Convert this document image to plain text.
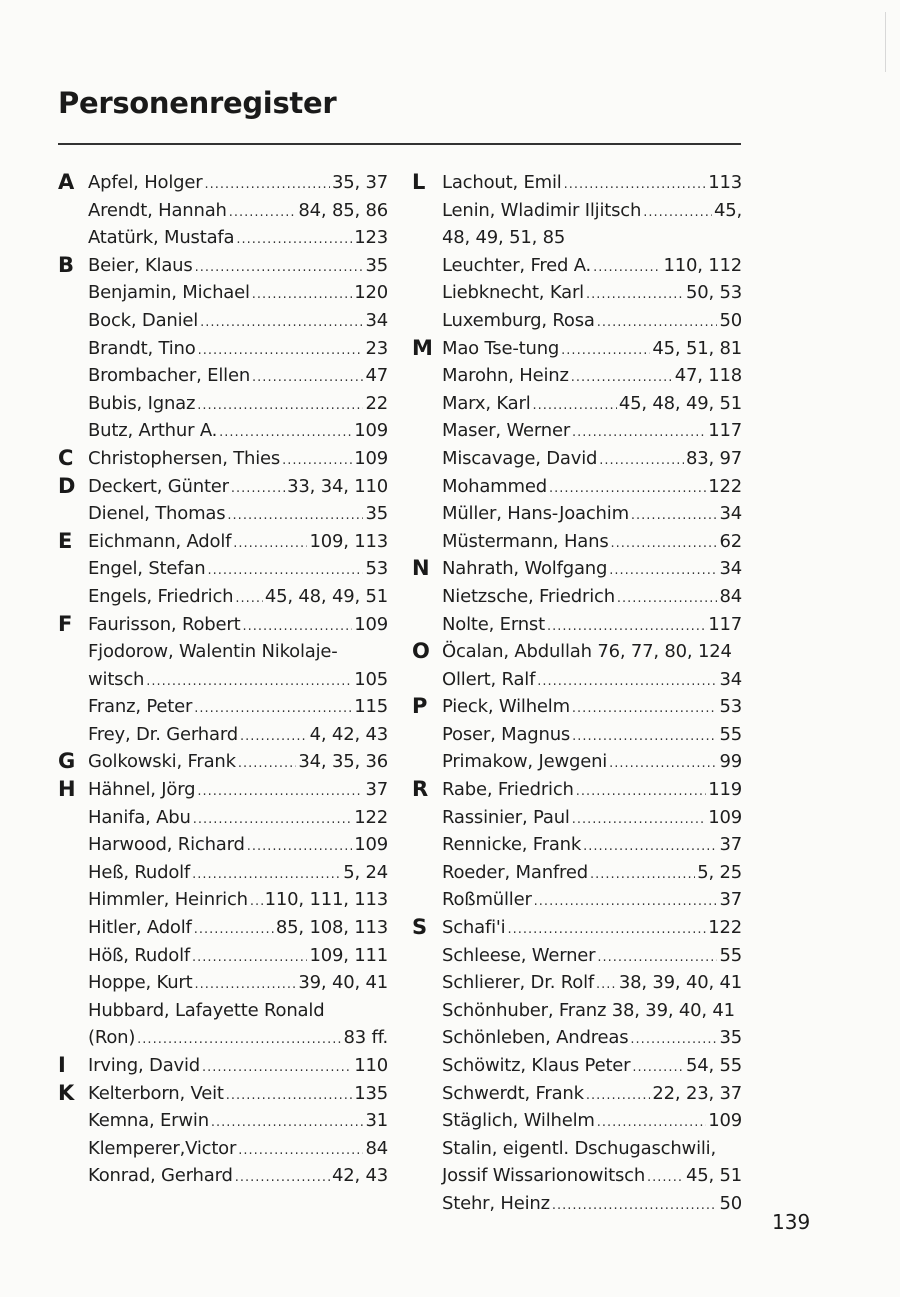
Personenregister
A Apfel, Holger .....	35, 37
Arendt, Hannah .....	84, 85, 86
Atatürk, Mustafa .....	123
B Beier, Klaus .....	35
Benjamin, Michael .....	120
Bock, Daniel .....	34
Brandt, Tino .....	23
Brombacher, Ellen .....	47
Bubis, Ignaz .....	22
Butz, Arthur A. .....	109
C Christophersen, Thies .....	109
D Deckert, Günter .....	33, 34, 110
Dienel, Thomas .....	35
E Eichmann, Adolf .....	109, 113
Engel, Stefan .....	53
Engels, Friedrich ..... 45, 48, 49, 51
F Faurisson, Robert .....	109
Fjodorow, Walentin Nikolaje-
witsch .....	105
Franz, Peter .....	115
Frey, Dr. Gerhard .....	4, 42, 43
G Golkowski, Frank .....	34, 35, 36
H Hähnel, Jörg .....	37
Hanifa, Abu .....	122
Harwood, Richard .....	109
Heß, Rudolf .....	5, 24
Himmler, Heinrich ..... 110, 111, 113
Hitler, Adolf .....	85, 108, 113
Höß, Rudolf .....	109, 111
Hoppe, Kurt .....	39, 40, 41
Hubbard, Lafayette Ronald
(Ron) .....	83 ff.
I	Irving, David .....	110
K Kelterborn, Veit .....	135
Kemna, Erwin .....	31
Klemperer,Victor .....	84
Konrad, Gerhard .....	42, 43
L Lachout, Emil .....	113
Lenin, Wladimir Iljitsch .....	45,
48, 49, 51, 85
Leuchter, Fred A. .....	110, 112
Liebknecht, Karl .....	50, 53
Luxemburg, Rosa .....	50
M Mao Tse-tung .....	45, 51, 81
Marohn, Heinz .....	47, 118
Marx, Karl .....	45, 48, 49, 51
Maser, Werner .....	117
Miscavage, David .....	83, 97
Mohammed .....	122
Müller, Hans-Joachim .....	34
Müstermann, Hans .....	62
N Nahrath, Wolfgang .....	34
Nietzsche, Friedrich .....	84
Nolte, Ernst .....	117
O Öcalan, Abdullah 76, 77, 80, 124
Ollert, Ralf .....	34
P Pieck, Wilhelm .....	53
Poser, Magnus .....	55
Primakow, Jewgeni .....	99
R Rabe, Friedrich .....	119
Rassinier, Paul .....	109
Rennicke, Frank .....	37
Roeder, Manfred .....	5, 25
Roßmüller .....	37
S Schafi'i .....	122
Schleese, Werner .....	55
Schlierer, Dr. Rolf ..... 38, 39, 40, 41
Schönhuber, Franz 38, 39, 40, 41
Schönleben, Andreas .....	35
Schöwitz, Klaus Peter .....	54, 55
Schwerdt, Frank .....	22, 23, 37
Stäglich, Wilhelm .....	109
Stalin, eigentl. Dschugaschwili,
Jossif Wissarionowitsch ..... 45, 51
Stehr, Heinz .....	50
139
